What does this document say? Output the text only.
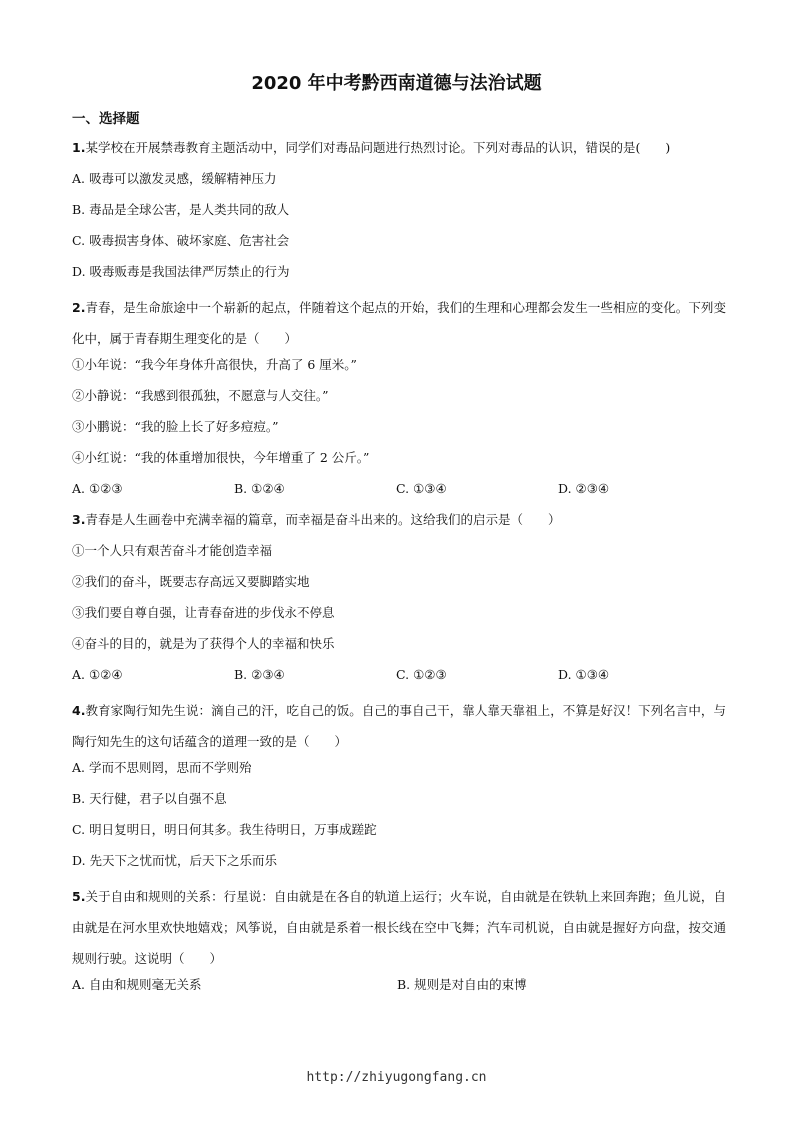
2020 年中考黔西南道德与法治试题
一、选择题
1.某学校在开展禁毒教育主题活动中，同学们对毒品问题进行热烈讨论。下列对毒品的认识，错误的是(　　)
A. 吸毒可以激发灵感，缓解精神压力
B. 毒品是全球公害，是人类共同的敌人
C. 吸毒损害身体、破坏家庭、危害社会
D. 吸毒贩毒是我国法律严厉禁止的行为
2.青春，是生命旅途中一个崭新的起点，伴随着这个起点的开始，我们的生理和心理都会发生一些相应的变化。下列变化中，属于青春期生理变化的是（　　）
①小年说：“我今年身体升高很快，升高了 6 厘米。”
②小静说：“我感到很孤独，不愿意与人交往。”
③小鹏说：“我的脸上长了好多痘痘。”
④小红说：“我的体重增加很快，今年增重了 2 公斤。”
A. ①②③	B. ①②④	C. ①③④	D. ②③④
3.青春是人生画卷中充满幸福的篇章，而幸福是奋斗出来的。这给我们的启示是（　　）
①一个人只有艰苦奋斗才能创造幸福
②我们的奋斗，既要志存高远又要脚踏实地
③我们要自尊自强，让青春奋进的步伐永不停息
④奋斗的目的，就是为了获得个人的幸福和快乐
A. ①②④	B. ②③④	C. ①②③	D. ①③④
4.教育家陶行知先生说：滴自己的汗，吃自己的饭。自己的事自己干，靠人靠天靠祖上，不算是好汉！下列名言中，与陶行知先生的这句话蕴含的道理一致的是（　　）
A. 学而不思则罔，思而不学则殆
B. 天行健，君子以自强不息
C. 明日复明日，明日何其多。我生待明日，万事成蹉跎
D. 先天下之忧而忧，后天下之乐而乐
5.关于自由和规则的关系：行星说：自由就是在各自的轨道上运行；火车说，自由就是在铁轨上来回奔跑；鱼儿说，自由就是在河水里欢快地嬉戏；风筝说，自由就是系着一根长线在空中飞舞；汽车司机说，自由就是握好方向盘，按交通规则行驶。这说明（　　）
A. 自由和规则毫无关系	B. 规则是对自由的束博
http://zhiyugongfang.cn
